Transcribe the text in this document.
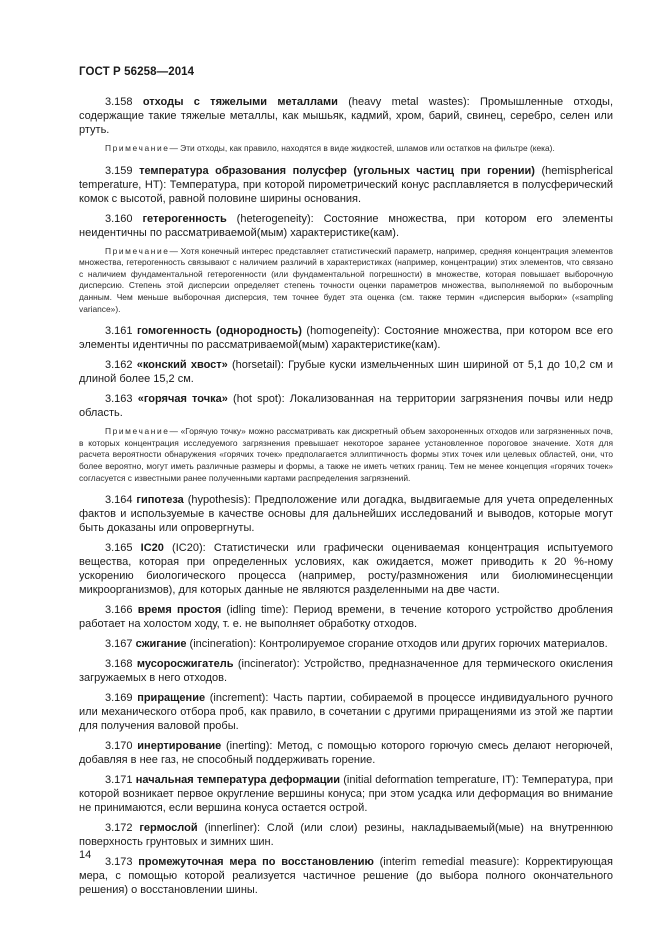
ГОСТ Р 56258—2014

3.158 отходы с тяжелыми металлами (heavy metal wastes): Промышленные отходы, содержащие такие тяжелые металлы, как мышьяк, кадмий, хром, барий, свинец, серебро, селен или ртуть.

Примечание— Эти отходы, как правило, находятся в виде жидкостей, шламов или остатков на фильтре (кека).

3.159 температура образования полусфер (угольных частиц при горении) (hemispherical temperature, HT): Температура, при которой пирометрический конус расплавляется в полусферический комок с высотой, равной половине ширины основания.

3.160 гетерогенность (heterogeneity): Состояние множества, при котором его элементы неидентичны по рассматриваемой(мым) характеристике(кам).

Примечание— Хотя конечный интерес представляет статистический параметр, например, средняя концентрация элементов множества, гетерогенность связывают с наличием различий в характеристиках (например, концентрации) этих элементов, что связано с наличием фундаментальной гетерогенности (или фундаментальной погрешности) в множестве, которая повышает выборочную дисперсию. Степень этой дисперсии определяет степень точности оценки параметров множества, выполняемой по выборочным данным. Чем меньше выборочная дисперсия, тем точнее будет эта оценка (см. также термин «дисперсия выборки» («sampling variance»).

3.161 гомогенность (однородность) (homogeneity): Состояние множества, при котором все его элементы идентичны по рассматриваемой(мым) характеристике(кам).

3.162 «конский хвост» (horsetail): Грубые куски измельченных шин шириной от 5,1 до 10,2 см и длиной более 15,2 см.

3.163 «горячая точка» (hot spot): Локализованная на территории загрязнения почвы или недр область.

Примечание— «Горячую точку» можно рассматривать как дискретный объем захороненных отходов или загрязненных почв, в которых концентрация исследуемого загрязнения превышает некоторое заранее установленное пороговое значение. Хотя для расчета вероятности обнаружения «горячих точек» предполагается эллиптичность формы этих точек или целевых областей, они, что более вероятно, могут иметь различные размеры и формы, а также не иметь четких границ. Тем не менее концепция «горячих точек» согласуется с известными ранее полученными картами распределения загрязнений.

3.164 гипотеза (hypothesis): Предположение или догадка, выдвигаемые для учета определенных фактов и используемые в качестве основы для дальнейших исследований и выводов, которые могут быть доказаны или опровергнуты.

3.165 IC20 (IC20): Статистически или графически оцениваемая концентрация испытуемого вещества, которая при определенных условиях, как ожидается, может приводить к 20 %-ному ускорению биологического процесса (например, росту/размножения или биолюминесценции микроорганизмов), для которых данные не являются разделенными на две части.

3.166 время простоя (idling time): Период времени, в течение которого устройство дробления работает на холостом ходу, т. е. не выполняет обработку отходов.

3.167 сжигание (incineration): Контролируемое сгорание отходов или других горючих материалов.

3.168 мусоросжигатель (incinerator): Устройство, предназначенное для термического окисления загружаемых в него отходов.

3.169 приращение (increment): Часть партии, собираемой в процессе индивидуального ручного или механического отбора проб, как правило, в сочетании с другими приращениями из этой же партии для получения валовой пробы.

3.170 инертирование (inerting): Метод, с помощью которого горючую смесь делают негорючей, добавляя в нее газ, не способный поддерживать горение.

3.171 начальная температура деформации (initial deformation temperature, IT): Температура, при которой возникает первое округление вершины конуса; при этом усадка или деформация во внимание не принимаются, если вершина конуса остается острой.

3.172 гермослой (innerliner): Слой (или слои) резины, накладываемый(мые) на внутреннюю поверхность грунтовых и зимних шин.

3.173 промежуточная мера по восстановлению (interim remedial measure): Корректирующая мера, с помощью которой реализуется частичное решение (до выбора полного окончательного решения) о восстановлении шины.

14
